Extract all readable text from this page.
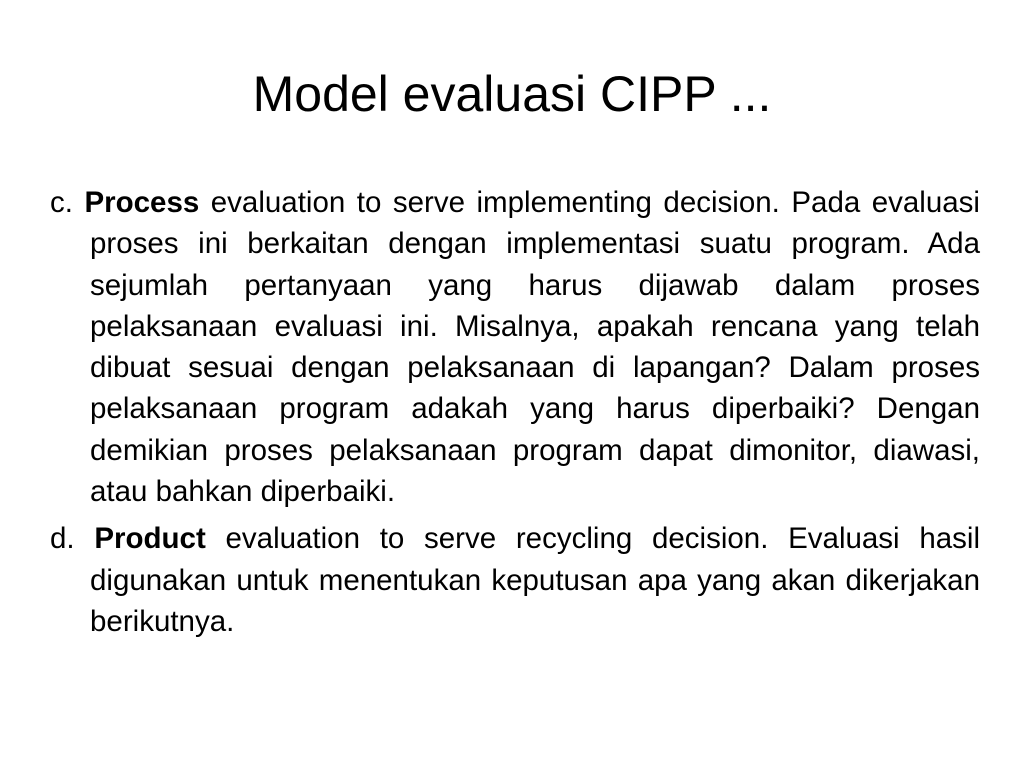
Model evaluasi CIPP ...

c. Process evaluation to serve implementing decision. Pada evaluasi proses ini berkaitan dengan implementasi suatu program. Ada sejumlah pertanyaan yang harus dijawab dalam proses pelaksanaan evaluasi ini. Misalnya, apakah rencana yang telah dibuat sesuai dengan pelaksanaan di lapangan? Dalam proses pelaksanaan program adakah yang harus diperbaiki? Dengan demikian proses pelaksanaan program dapat dimonitor, diawasi, atau bahkan diperbaiki.

d. Product evaluation to serve recycling decision. Evaluasi hasil digunakan untuk menentukan keputusan apa yang akan dikerjakan berikutnya.
